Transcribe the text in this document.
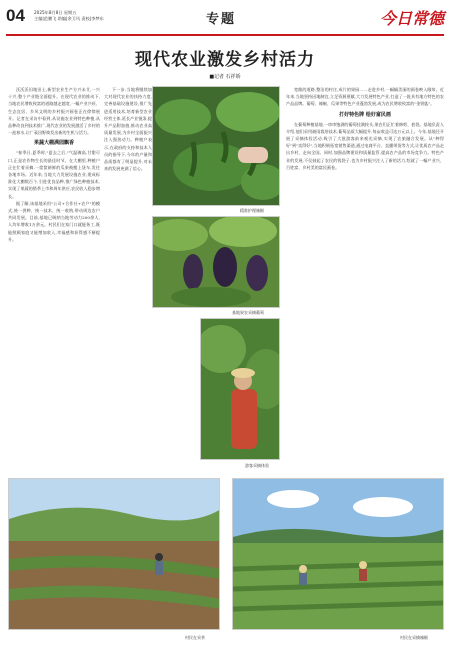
04 2025年8月8日 星期五
主编|范鹏飞 助编|余卫风 责校|李梦东	专题	今日常德
现代农业激发乡村活力
■记者 石祥娇

沃沃沃田地田土,新型农业生产方兴未艾,一兴十兴,整个产业链全面提升。在现代农业的推动下,当地农民增收致富的道路越走越宽,一幅产业兴旺、生态宜居、乡风文明的乡村振兴画卷正在徐徐展开。记者在采访中看到,从设施农业到特色种植,从品种改良到技术推广,现代农业的发展激活了乡村的一池春水,让广袤田野焕发出新的生机与活力。

果蔬大棚满园飘香

"春季日,夏季时,"夏去之后,"气温骤高,甘甜可口,正是农作物生长的最佳时节。在大棚里,种植户正在忙着采摘,一筐筐新鲜的瓜果被搬上货车,发往各地市场。近年来,当地大力发展设施农业,建成标准化大棚数百个,引进优良品种,推广绿色种植技术,实现了果蔬的错季上市和周年供应,农民收入稳步增长。

据了解,该基地采用"公司+合作社+农户"的模式,统一供种、统一技术、统一收购,带动周边农户共同发展。目前,基地已吸纳当地劳动力200余人,人均年增收1万余元。村民们在家门口就能务工,既能照顾家庭又能增加收入,幸福感和获得感不断提升。

下一步,当地将继续加大对现代农业的扶持力度,完善基础设施建设,推广先进适用技术,培育新型农业经营主体,延长产业链条,提升产品附加值,推动农业高质量发展,为乡村全面振兴注入强劲动力。种植户表示,在政府的支持和技术人员的指导下,今年的产量和品质都有了明显提升,对未来的发展充满了信心。

精准护理辣椒
基地果农采摘葡萄
游客采摘体验

宽敞的道路,整洁的村庄,成片的果园……走进乡村,一幅幅美丽的画卷映入眼帘。近年来,当地坚持因地制宜,立足资源禀赋,大力发展特色产业,打造了一批具有地方特色的农产品品牌。葡萄、辣椒、瓜果等特色产业蓬勃发展,成为农民增收致富的"金钥匙"。

打好特色牌 绘好富民画

在葡萄种植基地,一串串饱满的葡萄挂满枝头,果农们正忙着修剪、套袋。基地负责人介绍,他们采用避雨栽培技术,葡萄品质大幅提升,每亩收益可达万元以上。今年,基地还开展了采摘体验活动,吸引了大批游客前来观光采摘,实现了农旅融合发展。从"种得好"到"卖得好",当地积极拓宽销售渠道,通过电商平台、直播带货等方式,让优质农产品走出乡村、走向全国。同时,加强品牌建设和质量监管,提高农产品的市场竞争力。特色产业的发展,不仅鼓起了农民的钱袋子,也为乡村振兴注入了新的活力,绘就了一幅产业兴、百姓富、乡村美的富民画卷。

村民在采茶	村民在采摘辣椒
